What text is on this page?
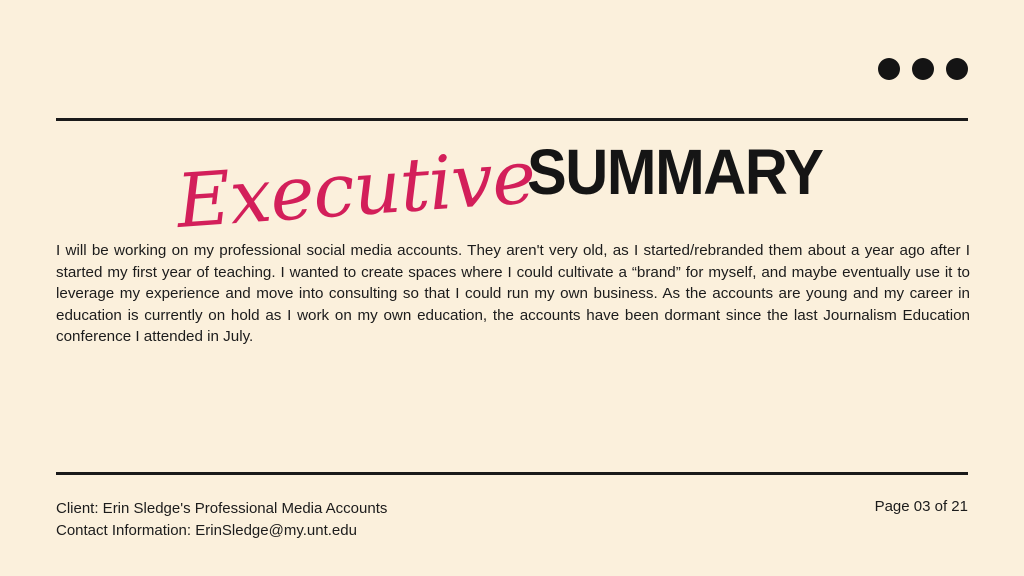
ExecutiveSUMMARY
I will be working on my professional social media accounts. They aren't very old, as I started/rebranded them about a year ago after I started my first year of teaching. I wanted to create spaces where I could cultivate a “brand” for myself, and maybe eventually use it to leverage my experience and move into consulting so that I could run my own business. As the accounts are young and my career in education is currently on hold as I work on my own education, the accounts have been dormant since the last Journalism Education conference I attended in July.
Client: Erin Sledge's Professional Media Accounts
Contact Information: ErinSledge@my.unt.edu
Page 03 of 21
